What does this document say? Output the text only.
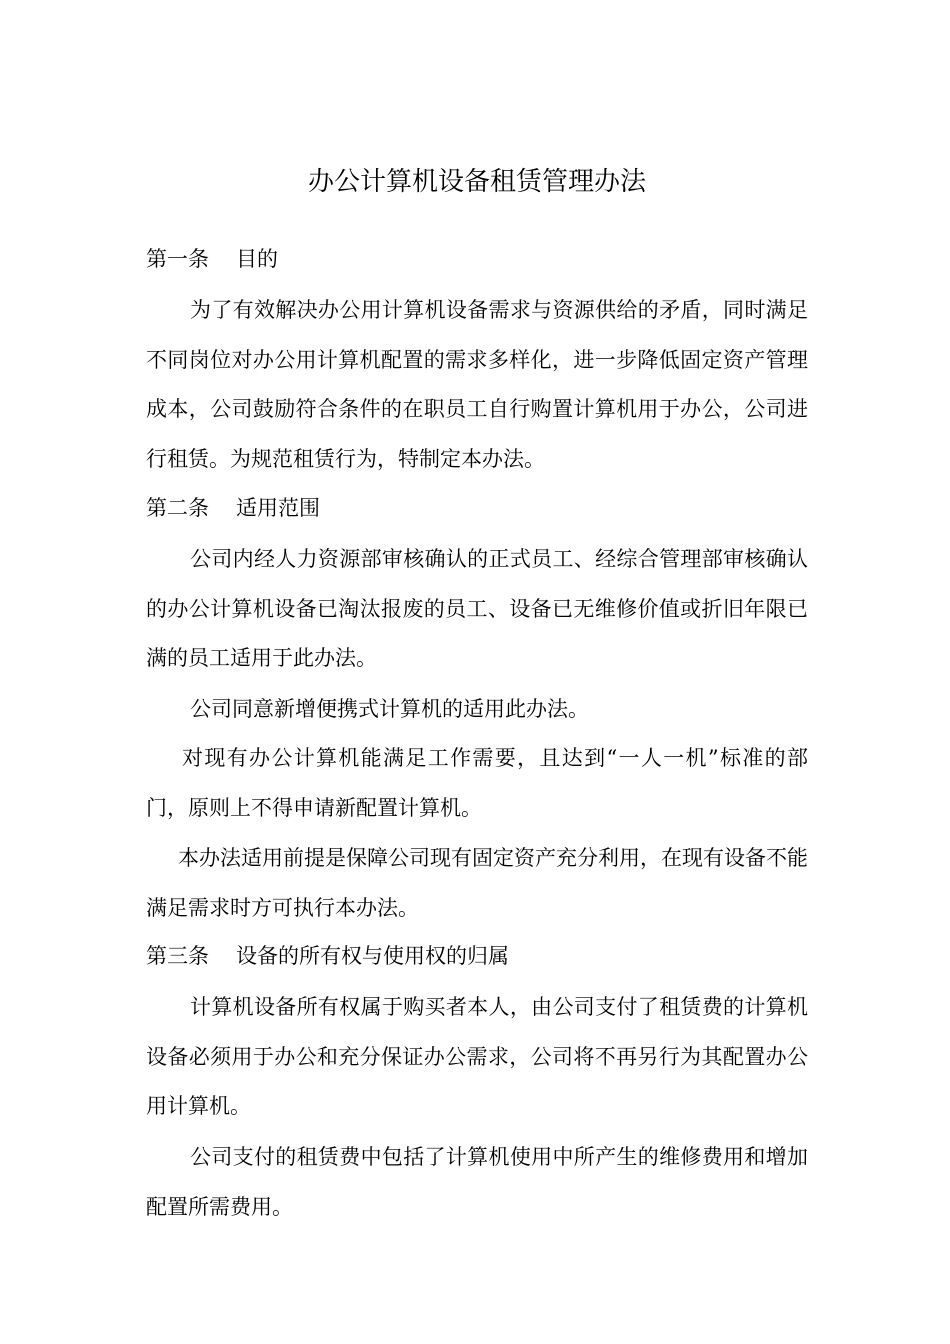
办公计算机设备租赁管理办法
第一条 目的
为了有效解决办公用计算机设备需求与资源供给的矛盾，同时满足不同岗位对办公用计算机配置的需求多样化，进一步降低固定资产管理成本，公司鼓励符合条件的在职员工自行购置计算机用于办公，公司进行租赁。为规范租赁行为，特制定本办法。
第二条 适用范围
公司内经人力资源部审核确认的正式员工、经综合管理部审核确认的办公计算机设备已淘汰报废的员工、设备已无维修价值或折旧年限已满的员工适用于此办法。
公司同意新增便携式计算机的适用此办法。
对现有办公计算机能满足工作需要，且达到“一人一机”标准的部门，原则上不得申请新配置计算机。
本办法适用前提是保障公司现有固定资产充分利用，在现有设备不能满足需求时方可执行本办法。
第三条 设备的所有权与使用权的归属
计算机设备所有权属于购买者本人，由公司支付了租赁费的计算机设备必须用于办公和充分保证办公需求，公司将不再另行为其配置办公用计算机。
公司支付的租赁费中包括了计算机使用中所产生的维修费用和增加配置所需费用。
